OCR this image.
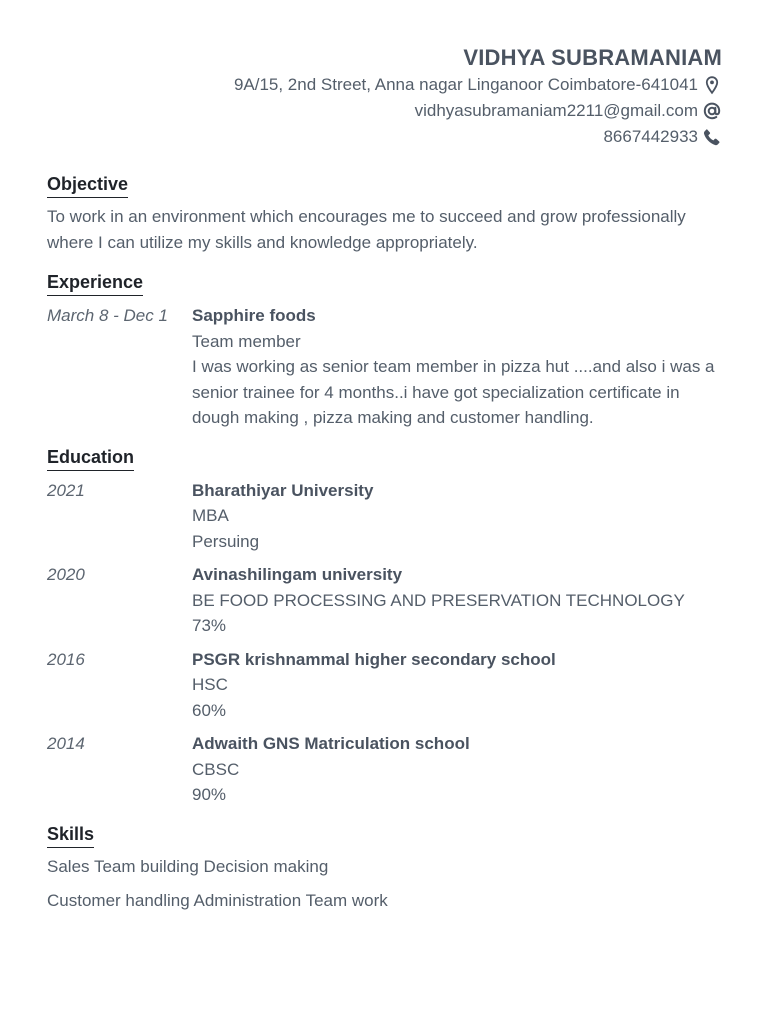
VIDHYA SUBRAMANIAM
9A/15, 2nd Street, Anna nagar Linganoor Coimbatore-641041
vidhyasubramaniam2211@gmail.com
8667442933
Objective
To work in an environment which encourages me to succeed and grow professionally where I can utilize my skills and knowledge appropriately.
Experience
March 8 - Dec 1	Sapphire foods
Team member
I was working as senior team member in pizza hut ....and also i was a senior trainee for 4 months..i have got specialization certificate in dough making , pizza making and customer handling.
Education
2021	Bharathiyar University
MBA
Persuing
2020	Avinashilingam university
BE FOOD PROCESSING AND PRESERVATION TECHNOLOGY
73%
2016	PSGR krishnammal higher secondary school
HSC
60%
2014	Adwaith GNS Matriculation school
CBSC
90%
Skills
Sales Team building Decision making
Customer handling Administration Team work
